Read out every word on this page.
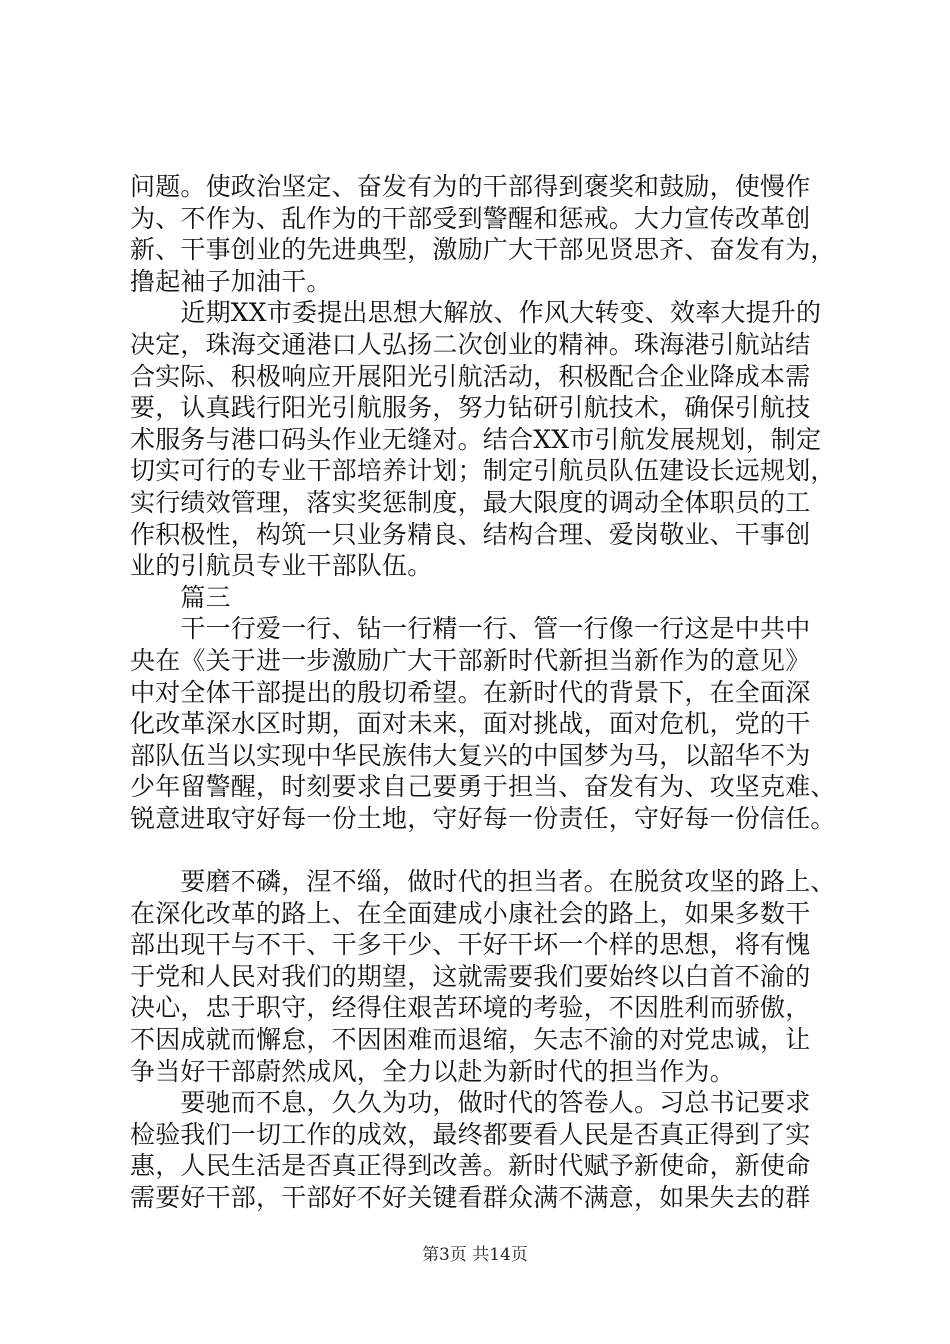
问题。使政治坚定、奋发有为的干部得到褒奖和鼓励，使慢作
为、不作为、乱作为的干部受到警醒和惩戒。大力宣传改革创
新、干事创业的先进典型，激励广大干部见贤思齐、奋发有为，
撸起袖子加油干。
　　近期XX市委提出思想大解放、作风大转变、效率大提升的
决定，珠海交通港口人弘扬二次创业的精神。珠海港引航站结
合实际、积极响应开展阳光引航活动，积极配合企业降成本需
要，认真践行阳光引航服务，努力钻研引航技术，确保引航技
术服务与港口码头作业无缝对。结合XX市引航发展规划，制定
切实可行的专业干部培养计划；制定引航员队伍建设长远规划，
实行绩效管理，落实奖惩制度，最大限度的调动全体职员的工
作积极性，构筑一只业务精良、结构合理、爱岗敬业、干事创
业的引航员专业干部队伍。
　　篇三
　　干一行爱一行、钻一行精一行、管一行像一行这是中共中
央在《关于进一步激励广大干部新时代新担当新作为的意见》
中对全体干部提出的殷切希望。在新时代的背景下，在全面深
化改革深水区时期，面对未来，面对挑战，面对危机，党的干
部队伍当以实现中华民族伟大复兴的中国梦为马，以韶华不为
少年留警醒，时刻要求自己要勇于担当、奋发有为、攻坚克难、
锐意进取守好每一份土地，守好每一份责任，守好每一份信任。
　　要磨不磷，涅不缁，做时代的担当者。在脱贫攻坚的路上、
在深化改革的路上、在全面建成小康社会的路上，如果多数干
部出现干与不干、干多干少、干好干坏一个样的思想，将有愧
于党和人民对我们的期望，这就需要我们要始终以白首不渝的
决心，忠于职守，经得住艰苦环境的考验，不因胜利而骄傲，
不因成就而懈怠，不因困难而退缩，矢志不渝的对党忠诚，让
争当好干部蔚然成风，全力以赴为新时代的担当作为。
　　要驰而不息，久久为功，做时代的答卷人。习总书记要求
检验我们一切工作的成效，最终都要看人民是否真正得到了实
惠，人民生活是否真正得到改善。新时代赋予新使命，新使命
需要好干部，干部好不好关键看群众满不满意，如果失去的群
第3页 共14页
